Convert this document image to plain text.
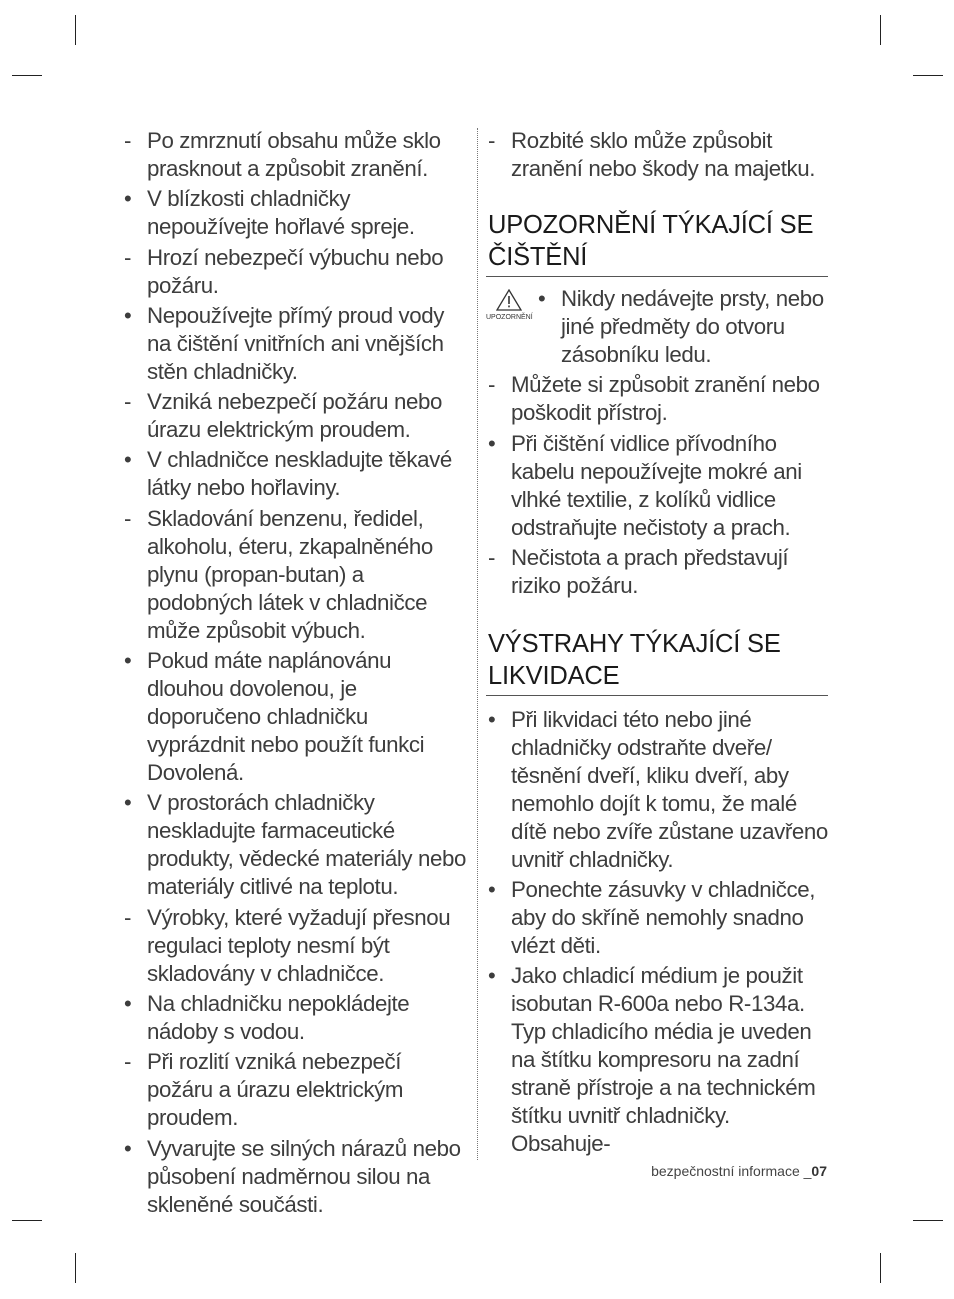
- Po zmrznutí obsahu může sklo prasknout a způsobit zranění.
• V blízkosti chladničky nepoužívejte hořlavé spreje.
- Hrozí nebezpečí výbuchu nebo požáru.
• Nepoužívejte přímý proud vody na čištění vnitřních ani vnějších stěn chladničky.
- Vzniká nebezpečí požáru nebo úrazu elektrickým proudem.
• V chladničce neskladujte těkavé látky nebo hořlaviny.
- Skladování benzenu, ředidel, alkoholu, éteru, zkapalněného plynu (propan-butan) a podobných látek v chladničce může způsobit výbuch.
• Pokud máte naplánovánu dlouhou dovolenou, je doporučeno chladničku vyprázdnit nebo použít funkci Dovolená.
• V prostorách chladničky neskladujte farmaceutické produkty, vědecké materiály nebo materiály citlivé na teplotu.
- Výrobky, které vyžadují přesnou regulaci teploty nesmí být skladovány v chladničce.
• Na chladničku nepokládejte nádoby s vodou.
- Při rozlití vzniká nebezpečí požáru a úrazu elektrickým proudem.
• Vyvarujte se silných nárazů nebo působení nadměrnou silou na skleněné součásti.
- Rozbité sklo může způsobit zranění nebo škody na majetku.
UPOZORNĚNÍ TÝKAJÍCÍ SE
ČIŠTĚNÍ
UPOZORNĚNÍ
• Nikdy nedávejte prsty, nebo jiné předměty do otvoru zásobníku ledu.
- Můžete si způsobit zranění nebo poškodit přístroj.
• Při čištění vidlice přívodního kabelu nepoužívejte mokré ani vlhké textilie, z kolíků vidlice odstraňujte nečistoty a prach.
- Nečistota a prach představují riziko požáru.
VÝSTRAHY TÝKAJÍCÍ SE
LIKVIDACE
• Při likvidaci této nebo jiné chladničky odstraňte dveře/ těsnění dveří, kliku dveří, aby nemohlo dojít k tomu, že malé dítě nebo zvíře zůstane uzavřeno uvnitř chladničky.
• Ponechte zásuvky v chladničce, aby do skříně nemohly snadno vlézt děti.
• Jako chladicí médium je použit isobutan R-600a nebo R-134a. Typ chladicího média je uveden na štítku kompresoru na zadní straně přístroje a na technickém štítku uvnitř chladničky. Obsahuje-
bezpečnostní informace _07
